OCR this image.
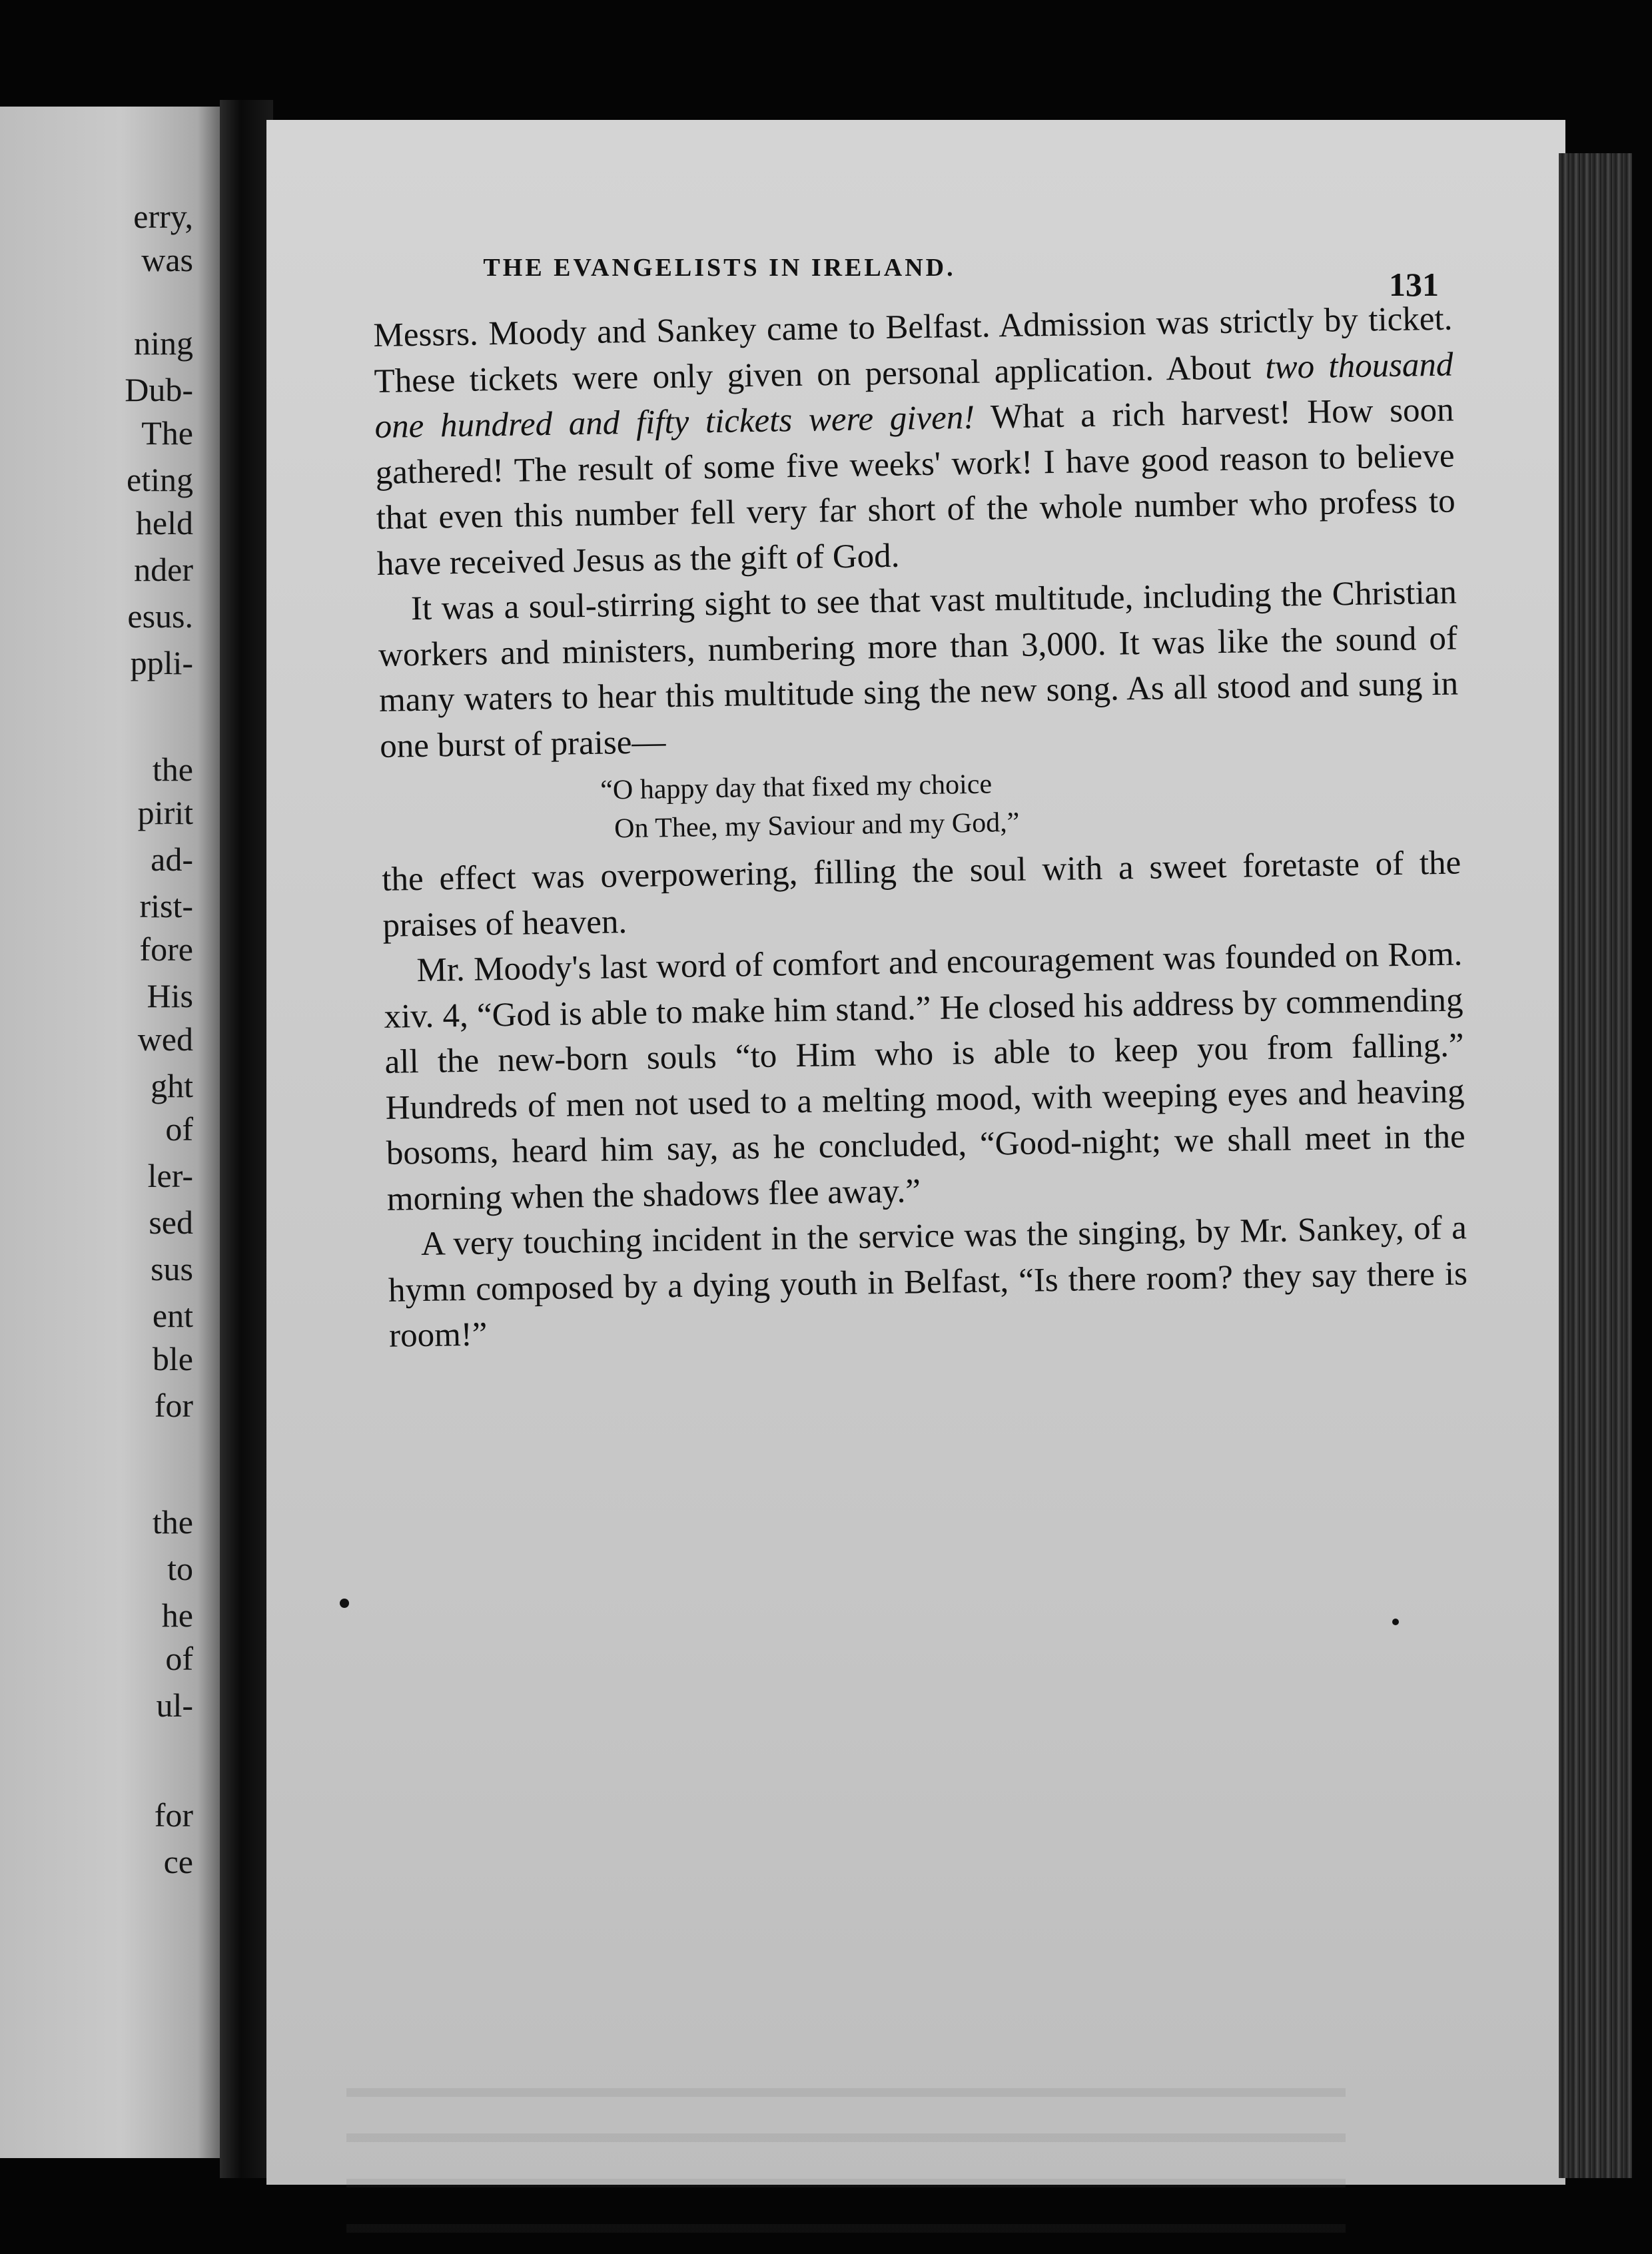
erry,
was
ning
Dub-
The
eting
held
nder
esus.
ppli-
the
pirit
ad-
rist-
fore
His
wed
ght
of
ler-
sed
sus
ent
ble
for
the
to
he
of
ul-
for
ce
THE EVANGELISTS IN IRELAND.	131

Messrs. Moody and Sankey came to Belfast. Admission was strictly by ticket. These tickets were only given on personal application. About two thousand one hundred and fifty tickets were given! What a rich harvest! How soon gathered! The result of some five weeks' work! I have good reason to believe that even this number fell very far short of the whole number who profess to have received Jesus as the gift of God.

It was a soul-stirring sight to see that vast multitude, including the Christian workers and ministers, numbering more than 3,000. It was like the sound of many waters to hear this multitude sing the new song. As all stood and sung in one burst of praise—

“O happy day that fixed my choice
On Thee, my Saviour and my God,”

the effect was overpowering, filling the soul with a sweet foretaste of the praises of heaven.

Mr. Moody's last word of comfort and encouragement was founded on Rom. xiv. 4, “God is able to make him stand.” He closed his address by commending all the new-born souls “to Him who is able to keep you from falling.” Hundreds of men not used to a melting mood, with weeping eyes and heaving bosoms, heard him say, as he concluded, “Good-night; we shall meet in the morning when the shadows flee away.”

A very touching incident in the service was the singing, by Mr. Sankey, of a hymn composed by a dying youth in Belfast, “Is there room? they say there is room!”
